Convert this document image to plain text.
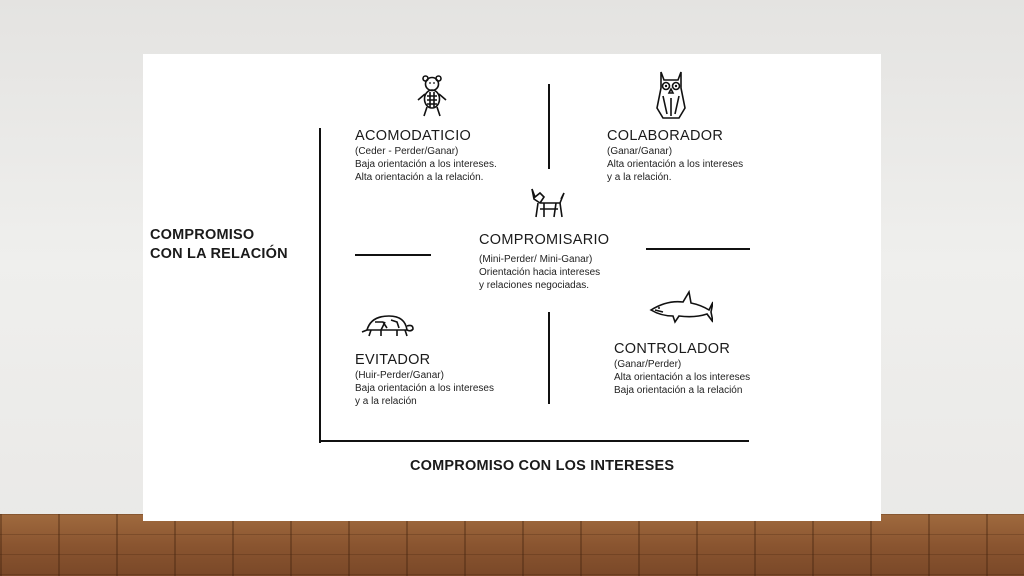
COMPROMISO
CON LA RELACIÓN
COMPROMISO CON LOS INTERESES
ACOMODATICIO
(Ceder - Perder/Ganar)
Baja orientación a los intereses.
Alta orientación a la relación.
COLABORADOR
(Ganar/Ganar)
Alta orientación a los intereses
y a la relación.
COMPROMISARIO
(Mini-Perder/ Mini-Ganar)
Orientación hacia intereses
y relaciones negociadas.
EVITADOR
(Huir-Perder/Ganar)
Baja orientación a los intereses
y a la relación
CONTROLADOR
(Ganar/Perder)
Alta orientación a los intereses
Baja orientación a la relación
